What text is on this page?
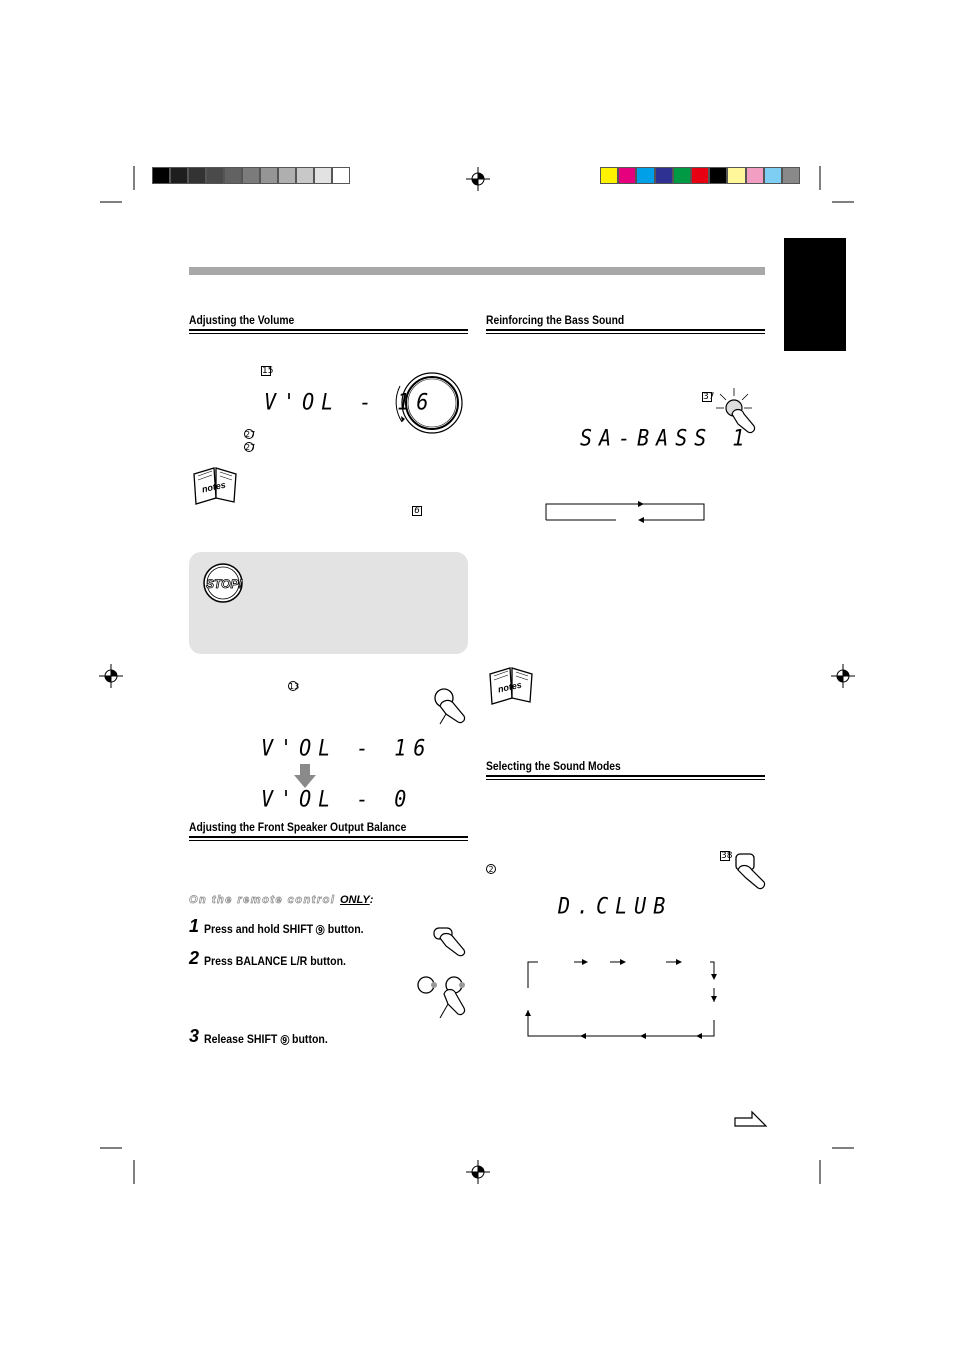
Adjusting the Volume
15
V'OL - 16
27
27
notes
6
STOP!
13
V'OL - 16
V'OL - 0
Adjusting the Front Speaker Output Balance
On the remote control ONLY:
1 Press and hold SHIFT 9 button.
2 Press BALANCE L/R button.
3 Release SHIFT 9 button.
Reinforcing the Bass Sound
37
SA-BASS 1
notes
Selecting the Sound Modes
2
38
D.CLUB
